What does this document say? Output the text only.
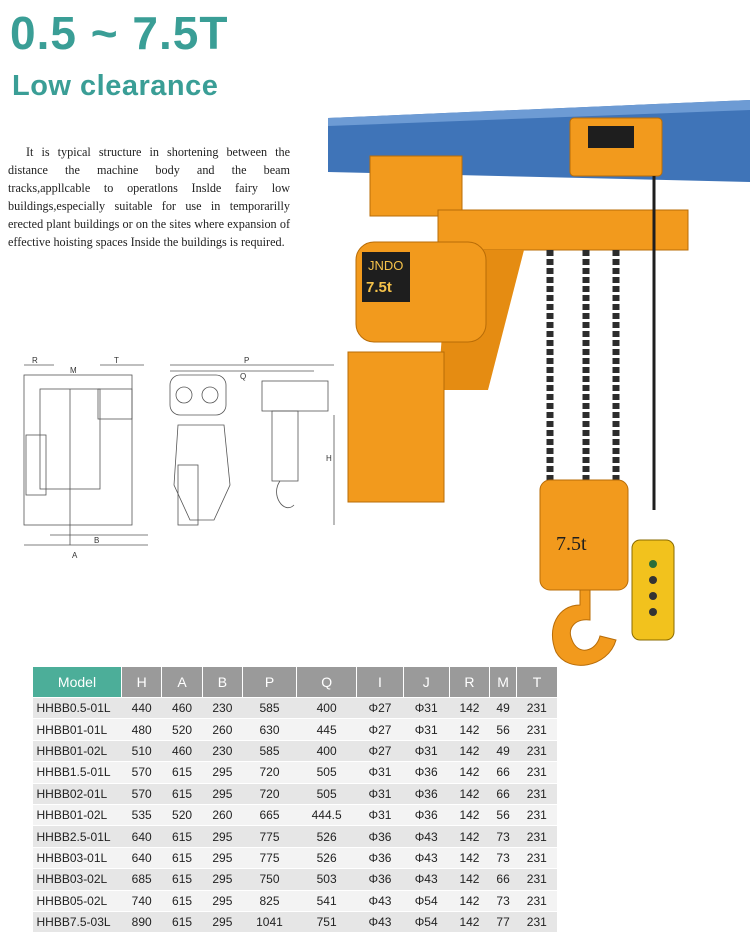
0.5 ~ 7.5T
Low clearance

It is typical structure in shortening between the distance the machine body and the beam tracks,appllcable to operatlons Inslde fairy low buildings,especially suitable for use in temporarilly erected plant buildings or on the sites where expansion of effective hoisting spaces Inside the buildings is required.

JNDO
7.5t
7.5t
R
M
T
B
A
P
Q
H
Model	H	A	B	P	Q	I	J	R	M	T
HHBB0.5-01L	440	460	230	585	400	Φ27	Φ31	142	49	231
HHBB01-01L	480	520	260	630	445	Φ27	Φ31	142	56	231
HHBB01-02L	510	460	230	585	400	Φ27	Φ31	142	49	231
HHBB1.5-01L	570	615	295	720	505	Φ31	Φ36	142	66	231
HHBB02-01L	570	615	295	720	505	Φ31	Φ36	142	66	231
HHBB01-02L	535	520	260	665	444.5	Φ31	Φ36	142	56	231
HHBB2.5-01L	640	615	295	775	526	Φ36	Φ43	142	73	231
HHBB03-01L	640	615	295	775	526	Φ36	Φ43	142	73	231
HHBB03-02L	685	615	295	750	503	Φ36	Φ43	142	66	231
HHBB05-02L	740	615	295	825	541	Φ43	Φ54	142	73	231
HHBB7.5-03L	890	615	295	1041	751	Φ43	Φ54	142	77	231
